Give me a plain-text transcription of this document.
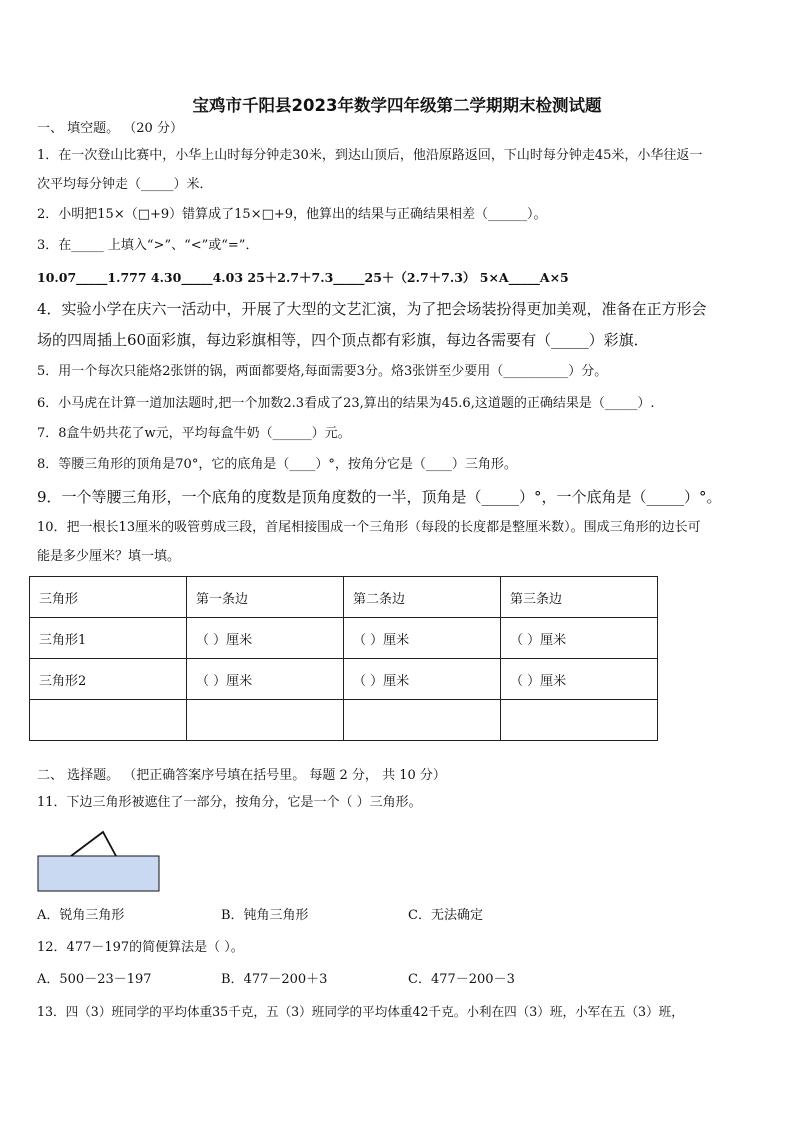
宝鸡市千阳县2023年数学四年级第二学期期末检测试题
一、 填空题。 （20 分）
1．在一次登山比赛中，小华上山时每分钟走30米，到达山顶后，他沿原路返回，下山时每分钟走45米，小华往返一
次平均每分钟走（_____）米．
2．小明把15×（□+9）错算成了15×□+9，他算出的结果与正确结果相差（______）。
3．在_____ 上填入“>”、“<”或“=”．
10.07_____1.777 4.30_____4.03 25＋2.7＋7.3_____25＋（2.7＋7.3） 5×A_____A×5
4．实验小学在庆六一活动中，开展了大型的文艺汇演，为了把会场装扮得更加美观，准备在正方形会
场的四周插上60面彩旗，每边彩旗相等，四个顶点都有彩旗，每边各需要有（_____）彩旗．
5．用一个每次只能烙2张饼的锅，两面都要烙,每面需要3分。烙3张饼至少要用（__________）分。
6．小马虎在计算一道加法题时,把一个加数2.3看成了23,算出的结果为45.6,这道题的正确结果是（_____）.
7．8盒牛奶共花了w元，平均每盒牛奶（______）元。
8．等腰三角形的顶角是70°，它的底角是（____）°，按角分它是（____）三角形。
9．一个等腰三角形，一个底角的度数是顶角度数的一半，顶角是（_____）°，一个底角是（_____）°。
10．把一根长13厘米的吸管剪成三段，首尾相接围成一个三角形（每段的长度都是整厘米数）。围成三角形的边长可
能是多少厘米？填一填。
三角形	第一条边	第二条边	第三条边
三角形1	（ ）厘米	（ ）厘米	（ ）厘米
三角形2	（ ）厘米	（ ）厘米	（ ）厘米

二、 选择题。 （把正确答案序号填在括号里。 每题 2 分， 共 10 分）
11．下边三角形被遮住了一部分，按角分，它是一个（ ）三角形。
A．锐角三角形	B．钝角三角形	C．无法确定
12．477－197的简便算法是（ ）。
A．500－23－197	B．477－200＋3	C．477－200－3
13．四（3）班同学的平均体重35千克，五（3）班同学的平均体重42千克。小利在四（3）班，小军在五（3）班，
